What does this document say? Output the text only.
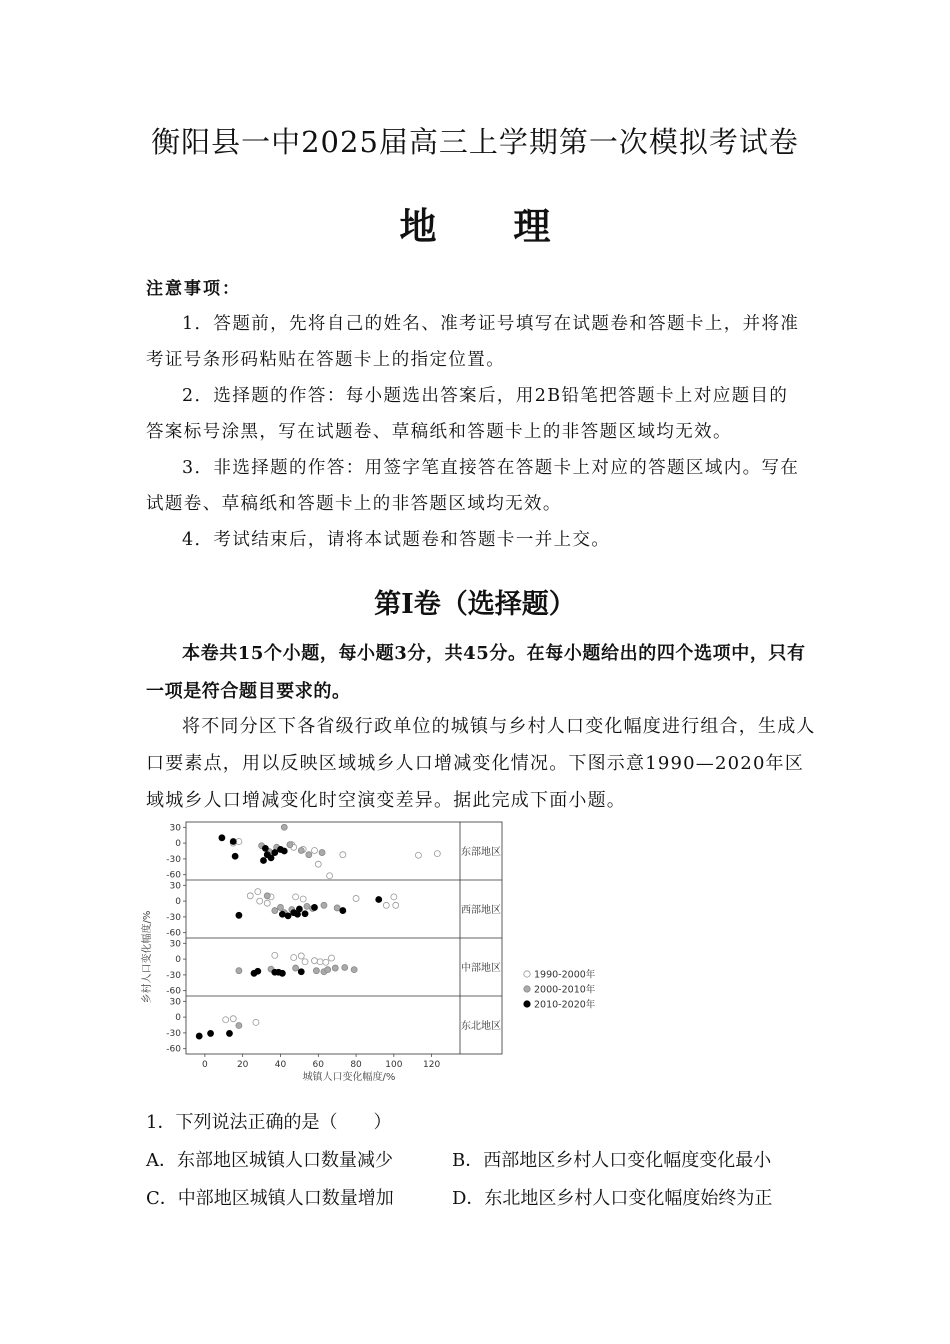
衡阳县一中2025届高三上学期第一次模拟考试卷
地 理
注意事项：
1．答题前，先将自己的姓名、准考证号填写在试题卷和答题卡上，并将准考证号条形码粘贴在答题卡上的指定位置。
2．选择题的作答：每小题选出答案后，用2B铅笔把答题卡上对应题目的答案标号涂黑，写在试题卷、草稿纸和答题卡上的非答题区域均无效。
3．非选择题的作答：用签字笔直接答在答题卡上对应的答题区域内。写在试题卷、草稿纸和答题卡上的非答题区域均无效。
4．考试结束后，请将本试题卷和答题卡一并上交。
第Ⅰ卷（选择题）
本卷共15个小题，每小题3分，共45分。在每小题给出的四个选项中，只有一项是符合题目要求的。
将不同分区下各省级行政单位的城镇与乡村人口变化幅度进行组合，生成人口要素点，用以反映区域城乡人口增减变化情况。下图示意1990—2020年区域城乡人口增减变化时空演变差异。据此完成下面小题。
东部地区
西部地区
中部地区
东北地区
30
0
-30
-60
30
0
-30
-60
30
0
-30
-60
30
0
-30
-60
0	20	40	60	80	100 120
1990-2000年
2000-2010年
2010-2020年
乡村人口变化幅度/%
城镇人口变化幅度/%
1．下列说法正确的是（　　）
A．东部地区城镇人口数量减少	B．西部地区乡村人口变化幅度变化最小
C．中部地区城镇人口数量增加	D．东北地区乡村人口变化幅度始终为正
